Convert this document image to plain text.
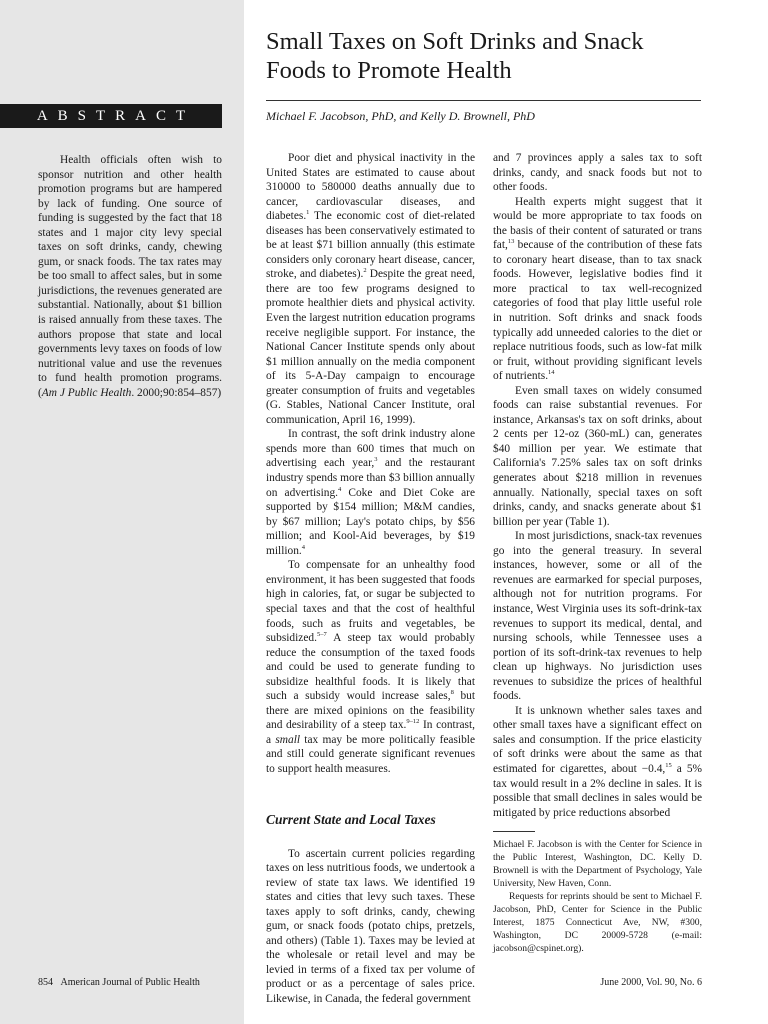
ABSTRACT

Health officials often wish to sponsor nutrition and other health promotion programs but are hampered by lack of funding. One source of funding is suggested by the fact that 18 states and 1 major city levy special taxes on soft drinks, candy, chewing gum, or snack foods. The tax rates may be too small to affect sales, but in some jurisdictions, the revenues generated are substantial. Nationally, about $1 billion is raised annually from these taxes. The authors propose that state and local governments levy taxes on foods of low nutritional value and use the revenues to fund health promotion programs. (Am J Public Health. 2000;90:854–857)

Small Taxes on Soft Drinks and Snack Foods to Promote Health

Michael F. Jacobson, PhD, and Kelly D. Brownell, PhD

Poor diet and physical inactivity in the United States are estimated to cause about 310000 to 580000 deaths annually due to cancer, cardiovascular diseases, and diabetes.$^1$ The economic cost of diet-related diseases has been conservatively estimated to be at least $71 billion annually (this estimate considers only coronary heart disease, cancer, stroke, and diabetes).$^2$ Despite the great need, there are too few programs designed to promote healthier diets and physical activity. Even the largest nutrition education programs receive negligible support. For instance, the National Cancer Institute spends only about $1 million annually on the media component of its 5-A-Day campaign to encourage greater consumption of fruits and vegetables (G. Stables, National Cancer Institute, oral communication, April 16, 1999).

In contrast, the soft drink industry alone spends more than 600 times that much on advertising each year,$^3$ and the restaurant industry spends more than $3 billion annually on advertising.$^4$ Coke and Diet Coke are supported by $154 million; M&M candies, by $67 million; Lay's potato chips, by $56 million; and Kool-Aid beverages, by $19 million.$^4$

To compensate for an unhealthy food environment, it has been suggested that foods high in calories, fat, or sugar be subjected to special taxes and that the cost of healthful foods, such as fruits and vegetables, be subsidized.$^{5-7}$ A steep tax would probably reduce the consumption of the taxed foods and could be used to generate funding to subsidize healthful foods. It is likely that such a subsidy would increase sales,$^8$ but there are mixed opinions on the feasibility and desirability of a steep tax.$^{9-12}$ In contrast, a small tax may be more politically feasible and still could generate significant revenues to support health measures.

Current State and Local Taxes

To ascertain current policies regarding taxes on less nutritious foods, we undertook a review of state tax laws. We identified 19 states and cities that levy such taxes. These taxes apply to soft drinks, candy, chewing gum, or snack foods (potato chips, pretzels, and others) (Table 1). Taxes may be levied at the wholesale or retail level and may be levied in terms of a fixed tax per volume of product or as a percentage of sales price. Likewise, in Canada, the federal government

and 7 provinces apply a sales tax to soft drinks, candy, and snack foods but not to other foods.

Health experts might suggest that it would be more appropriate to tax foods on the basis of their content of saturated or trans fat,$^{13}$ because of the contribution of these fats to coronary heart disease, than to tax snack foods. However, legislative bodies find it more practical to tax well-recognized categories of food that play little useful role in nutrition. Soft drinks and snack foods typically add unneeded calories to the diet or replace nutritious foods, such as low-fat milk or fruit, without providing significant levels of nutrients.$^{14}$

Even small taxes on widely consumed foods can raise substantial revenues. For instance, Arkansas's tax on soft drinks, about 2 cents per 12-oz (360-mL) can, generates $40 million per year. We estimate that California's 7.25% sales tax on soft drinks generates about $218 million in revenues annually. Nationally, special taxes on soft drinks, candy, and snacks generate about $1 billion per year (Table 1).

In most jurisdictions, snack-tax revenues go into the general treasury. In several instances, however, some or all of the revenues are earmarked for special purposes, although not for nutrition programs. For instance, West Virginia uses its soft-drink-tax revenues to support its medical, dental, and nursing schools, while Tennessee uses a portion of its soft-drink-tax revenues to help clean up highways. No jurisdiction uses revenues to subsidize the prices of healthful foods.

It is unknown whether sales taxes and other small taxes have a significant effect on sales and consumption. If the price elasticity of soft drinks were about the same as that estimated for cigarettes, about −0.4,15 a 5% tax would result in a 2% decline in sales. It is possible that small declines in sales would be mitigated by price reductions absorbed

Michael F. Jacobson is with the Center for Science in the Public Interest, Washington, DC. Kelly D. Brownell is with the Department of Psychology, Yale University, New Haven, Conn.

Requests for reprints should be sent to Michael F. Jacobson, PhD, Center for Science in the Public Interest, 1875 Connecticut Ave, NW, #300, Washington, DC 20009-5728 (e-mail: jacobson@cspinet.org).

854 American Journal of Public Health	June 2000, Vol. 90, No. 6
